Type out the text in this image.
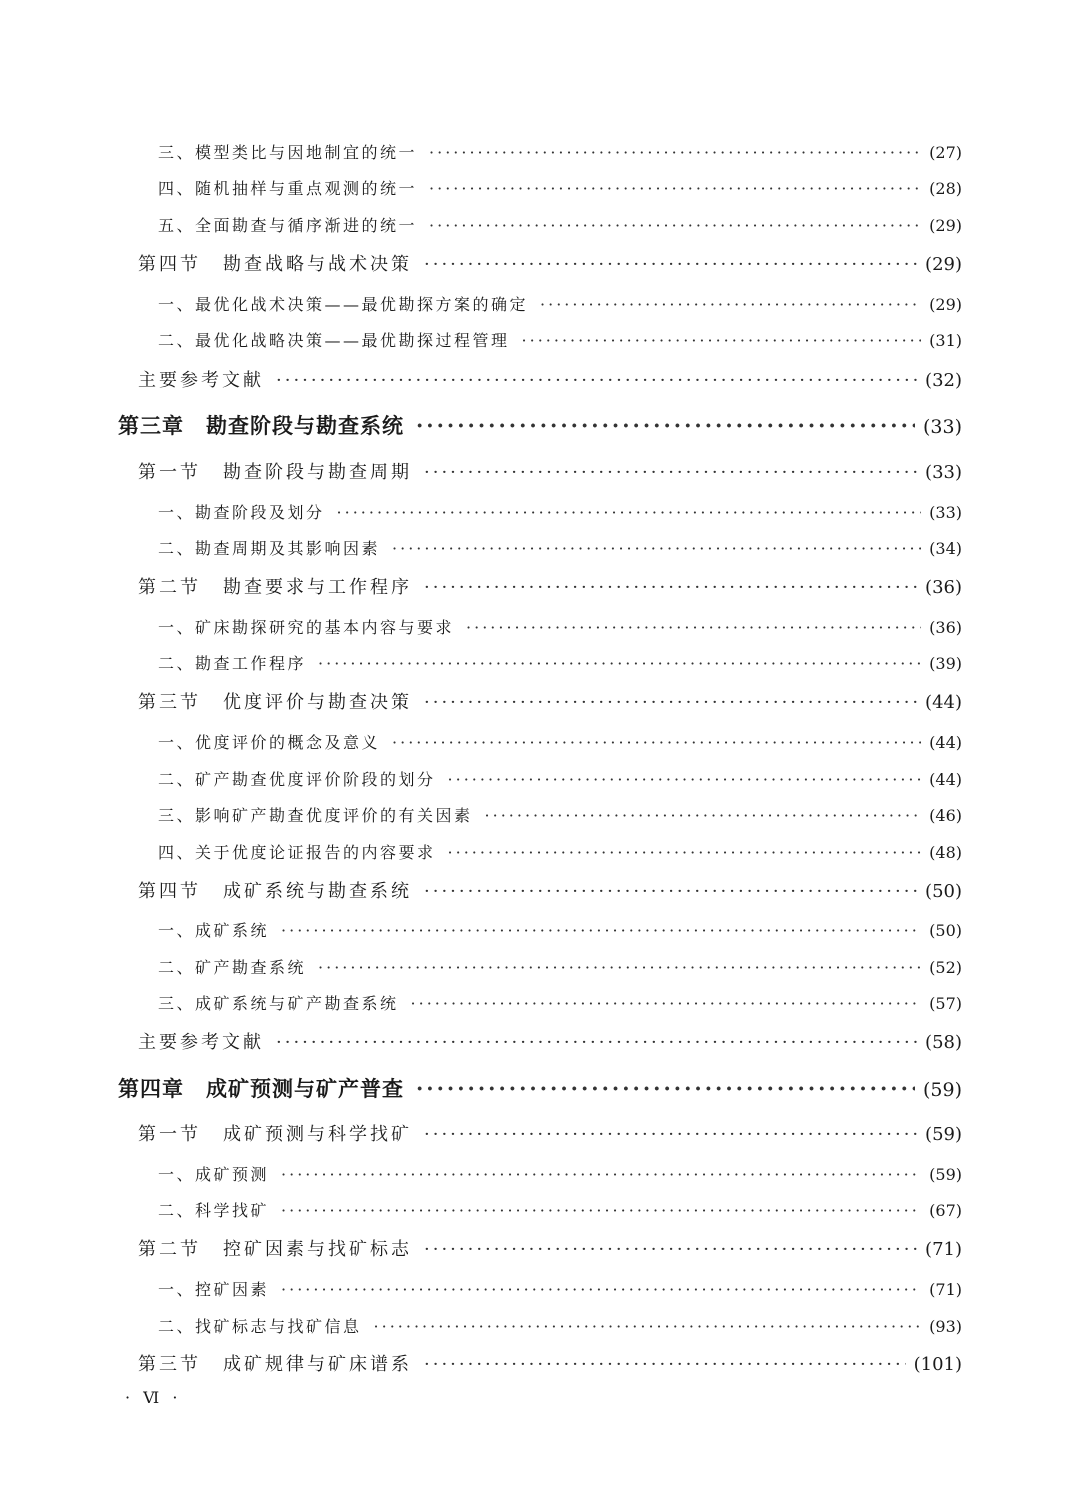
三、模型类比与因地制宜的统一 ·····	(27)
四、随机抽样与重点观测的统一 ·····	(28)
五、全面勘查与循序渐进的统一 ·····	(29)
第四节 勘查战略与战术决策 ·····	(29)
一、最优化战术决策——最优勘探方案的确定 ·····	(29)
二、最优化战略决策——最优勘探过程管理 ·····	(31)
主要参考文献 ·····	(32)
第三章 勘查阶段与勘查系统 ·····	(33)
第一节 勘查阶段与勘查周期 ·····	(33)
一、勘查阶段及划分 ·····	(33)
二、勘查周期及其影响因素 ·····	(34)
第二节 勘查要求与工作程序 ·····	(36)
一、矿床勘探研究的基本内容与要求 ·····	(36)
二、勘查工作程序 ·····	(39)
第三节 优度评价与勘查决策 ·····	(44)
一、优度评价的概念及意义 ·····	(44)
二、矿产勘查优度评价阶段的划分 ·····	(44)
三、影响矿产勘查优度评价的有关因素 ·····	(46)
四、关于优度论证报告的内容要求 ·····	(48)
第四节 成矿系统与勘查系统 ·····	(50)
一、成矿系统 ·····	(50)
二、矿产勘查系统 ·····	(52)
三、成矿系统与矿产勘查系统 ·····	(57)
主要参考文献 ·····	(58)
第四章 成矿预测与矿产普查 ·····	(59)
第一节 成矿预测与科学找矿 ·····	(59)
一、成矿预测 ·····	(59)
二、科学找矿 ·····	(67)
第二节 控矿因素与找矿标志 ·····	(71)
一、控矿因素 ·····	(71)
二、找矿标志与找矿信息 ·····	(93)
第三节 成矿规律与矿床谱系 ·····	(101)
· Ⅵ ·
